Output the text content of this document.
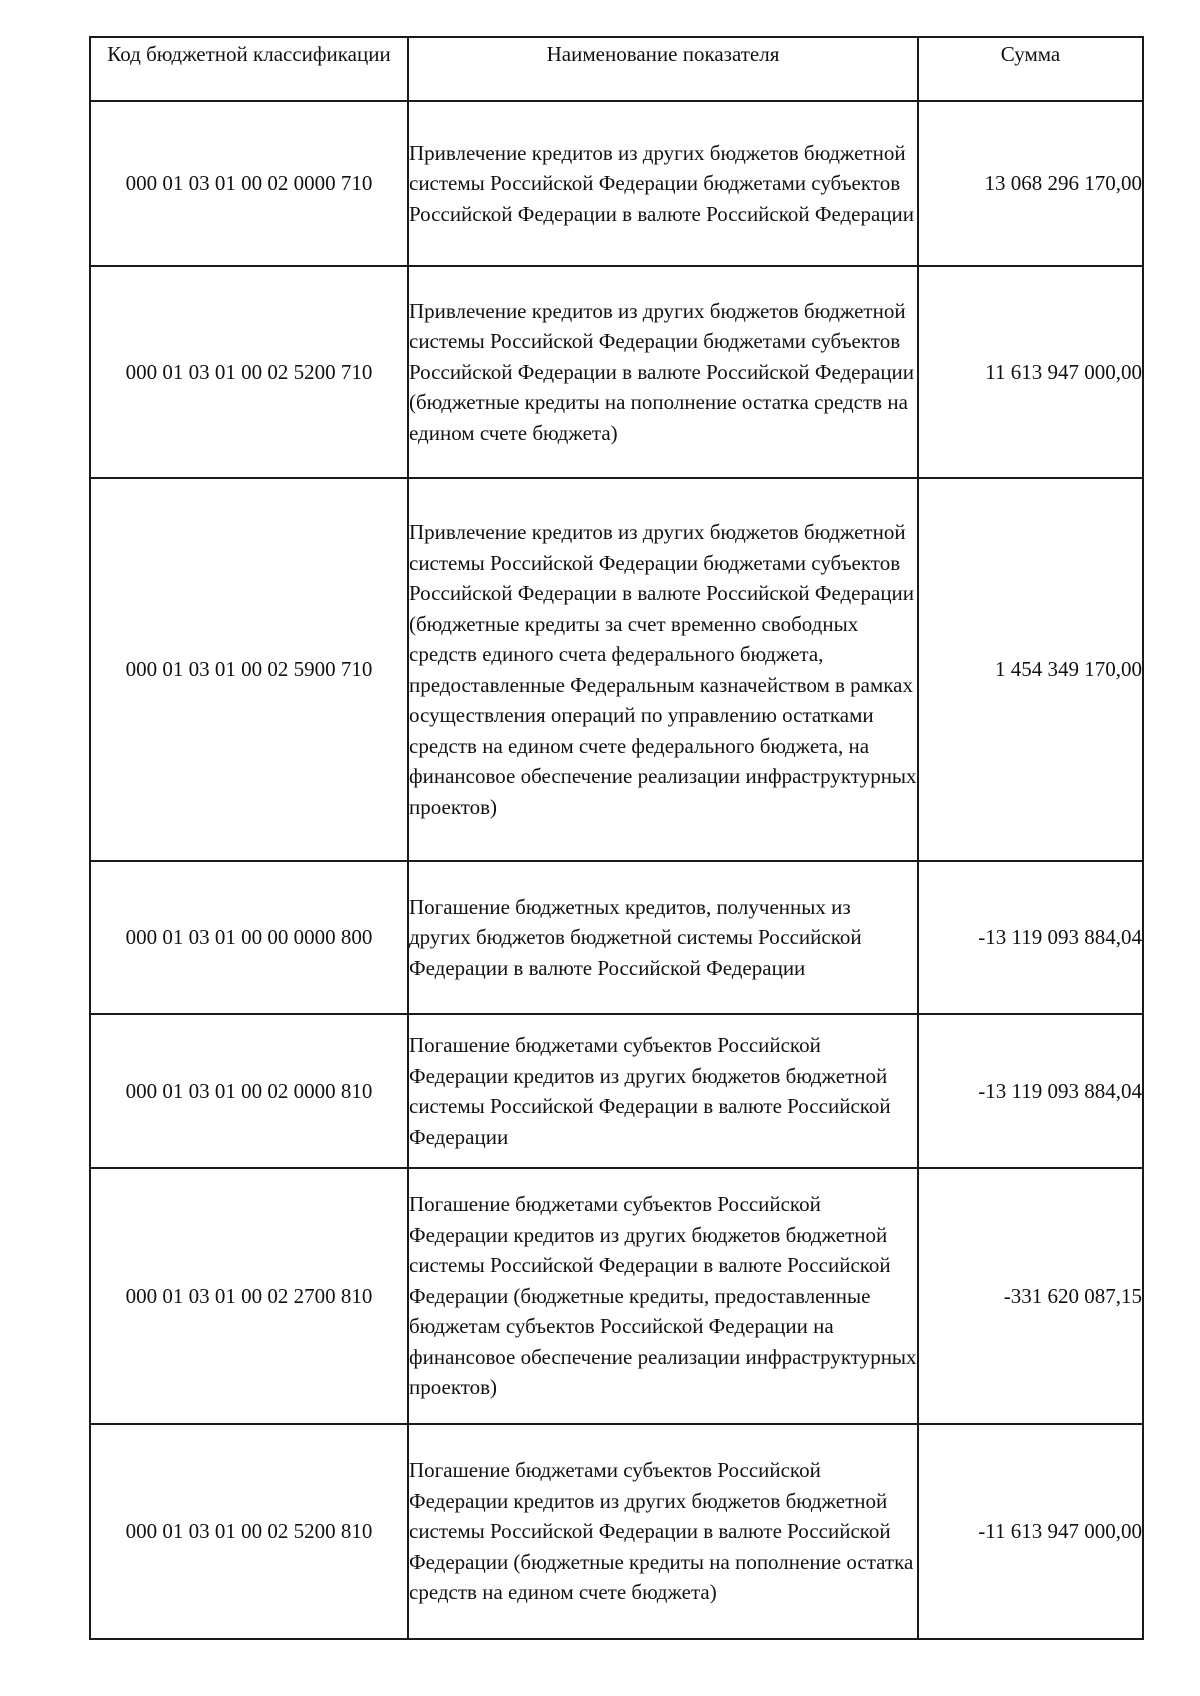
Код бюджетной классификации	Наименование показателя	Сумма
000 01 03 01 00 02 0000 710	Привлечение кредитов из других бюджетов бюджетной системы Российской Федерации бюджетами субъектов Российской Федерации в валюте Российской Федерации	13 068 296 170,00
000 01 03 01 00 02 5200 710	Привлечение кредитов из других бюджетов бюджетной системы Российской Федерации бюджетами субъектов Российской Федерации в валюте Российской Федерации (бюджетные кредиты на пополнение остатка средств на едином счете бюджета)	11 613 947 000,00
000 01 03 01 00 02 5900 710	Привлечение кредитов из других бюджетов бюджетной системы Российской Федерации бюджетами субъектов Российской Федерации в валюте Российской Федерации (бюджетные кредиты за счет временно свободных средств единого счета федерального бюджета, предоставленные Федеральным казначейством в рамках осуществления операций по управлению остатками средств на едином счете федерального бюджета, на финансовое обеспечение реализации инфраструктурных проектов)	1 454 349 170,00
000 01 03 01 00 00 0000 800	Погашение бюджетных кредитов, полученных из других бюджетов бюджетной системы Российской Федерации в валюте Российской Федерации	-13 119 093 884,04
000 01 03 01 00 02 0000 810	Погашение бюджетами субъектов Российской Федерации кредитов из других бюджетов бюджетной системы Российской Федерации в валюте Российской Федерации	-13 119 093 884,04
000 01 03 01 00 02 2700 810	Погашение бюджетами субъектов Российской Федерации кредитов из других бюджетов бюджетной системы Российской Федерации в валюте Российской Федерации (бюджетные кредиты, предоставленные бюджетам субъектов Российской Федерации на финансовое обеспечение реализации инфраструктурных проектов)	-331 620 087,15
000 01 03 01 00 02 5200 810	Погашение бюджетами субъектов Российской Федерации кредитов из других бюджетов бюджетной системы Российской Федерации в валюте Российской Федерации (бюджетные кредиты на пополнение остатка средств на едином счете бюджета)	-11 613 947 000,00
